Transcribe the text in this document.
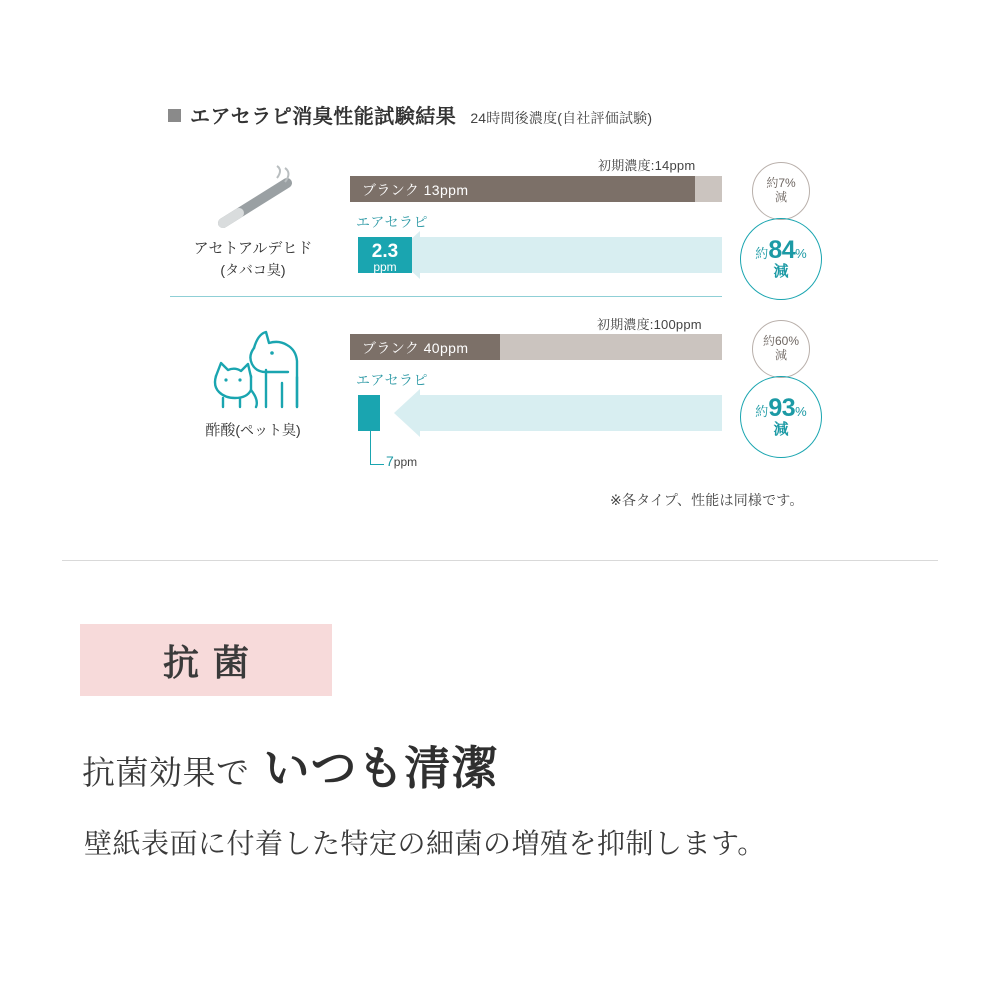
エアセラピ消臭性能試験結果 24時間後濃度(自社評価試験)
初期濃度:14ppm
ブランク 13ppm
エアセラピ
2.3
ppm
アセトアルデヒド
(タバコ臭)
約7%
減
約84%
減
初期濃度:100ppm
ブランク 40ppm
エアセラピ
7ppm
酢酸(ペット臭)
約60%
減
約93%
減
※各タイプ、性能は同様です。
抗菌
抗菌効果で いつも清潔
壁紙表面に付着した特定の細菌の増殖を抑制します。
